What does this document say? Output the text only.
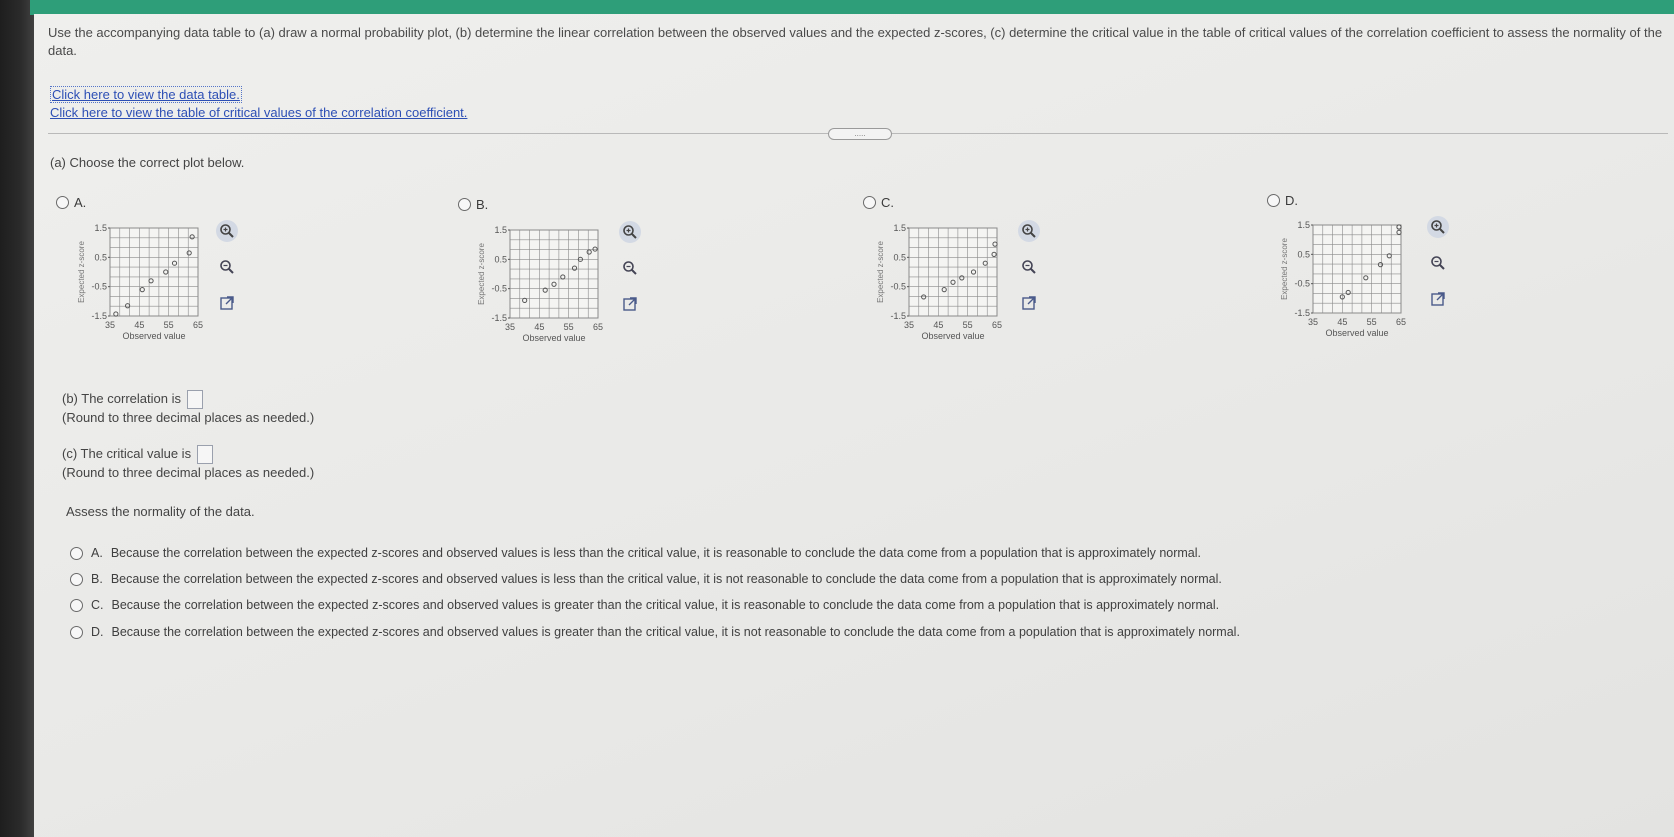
Use the accompanying data table to (a) draw a normal probability plot, (b) determine the linear correlation between the observed values and the expected z-scores, (c) determine the critical value in the table of critical values of the correlation coefficient to assess the normality of the data.
Click here to view the data table.
Click here to view the table of critical values of the correlation coefficient.
.....
(a) Choose the correct plot below.
A.
1.5
0.5
-0.5
-1.5
35 45 55 65
Observed value
Expected z-score
B.
1.5
0.5
-0.5
-1.5
35 45 55 65
Observed value
Expected z-score
C.
1.5
0.5
-0.5
-1.5
35 45 55 65
Observed value
Expected z-score
D.
1.5
0.5
-0.5
-1.5
35 45 55 65
Observed value
Expected z-score
(b) The correlation is
(Round to three decimal places as needed.)
(c) The critical value is
(Round to three decimal places as needed.)
Assess the normality of the data.
A. Because the correlation between the expected z-scores and observed values is less than the critical value, it is reasonable to conclude the data come from a population that is approximately normal.
B. Because the correlation between the expected z-scores and observed values is less than the critical value, it is not reasonable to conclude the data come from a population that is approximately normal.
C. Because the correlation between the expected z-scores and observed values is greater than the critical value, it is reasonable to conclude the data come from a population that is approximately normal.
D. Because the correlation between the expected z-scores and observed values is greater than the critical value, it is not reasonable to conclude the data come from a population that is approximately normal.
